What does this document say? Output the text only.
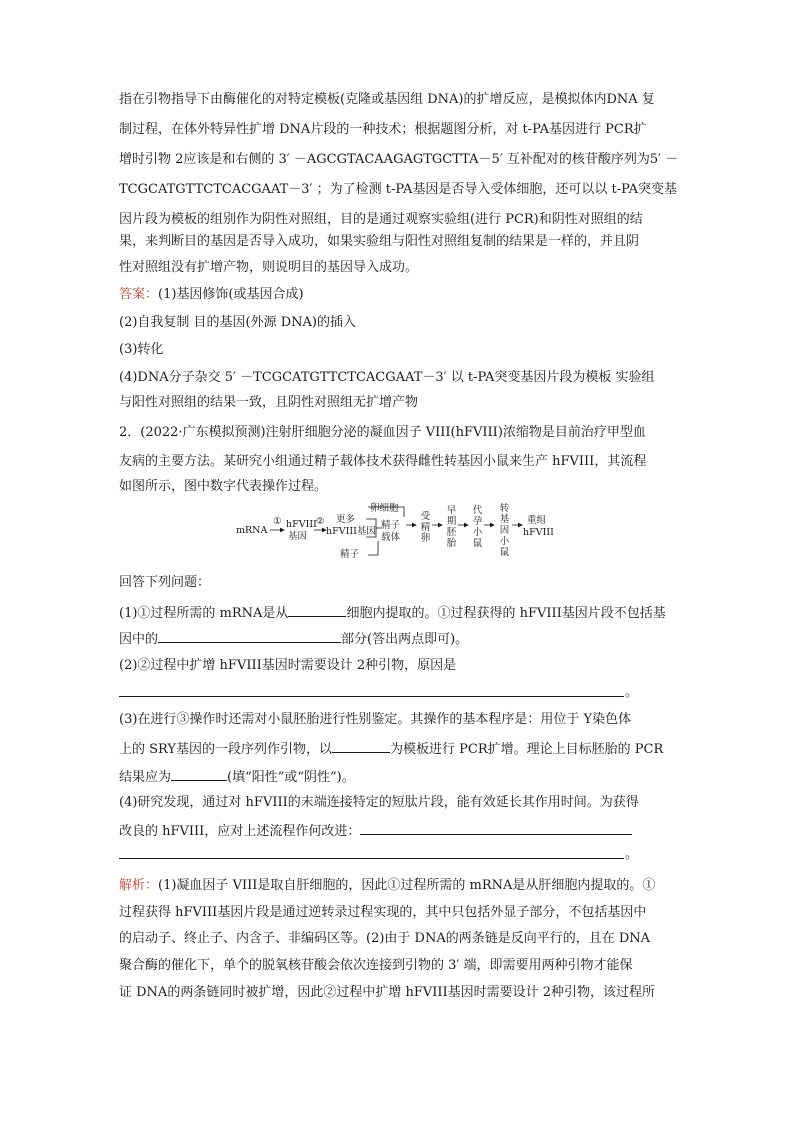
指在引物指导下由酶催化的对特定模板(克隆或基因组 DNA)的扩增反应，是模拟体内DNA 复
制过程，在体外特异性扩增 DNA片段的一种技术；根据题图分析，对 t-PA基因进行 PCR扩
增时引物 2应该是和右侧的 3′ －AGCGTACAAGAGTGCTTA－5′ 互补配对的核苷酸序列为5′ －
TCGCATGTTCTCACGAAT－3′ ；为了检测 t-PA基因是否导入受体细胞，还可以以 t-PA突变基
因片段为模板的组别作为阴性对照组，目的是通过观察实验组(进行 PCR)和阴性对照组的结
果，来判断目的基因是否导入成功，如果实验组与阳性对照组复制的结果是一样的，并且阴
性对照组没有扩增产物，则说明目的基因导入成功。
答案：(1)基因修饰(或基因合成)
(2)自我复制 目的基因(外源 DNA)的插入
(3)转化
(4)DNA分子杂交 5′ －TCGCATGTTCTCACGAAT－3′ 以 t-PA突变基因片段为模板 实验组
与阳性对照组的结果一致，且阴性对照组无扩增产物
2．(2022·广东模拟预测)注射肝细胞分泌的凝血因子 VIII(hFVIII)浓缩物是目前治疗甲型血
友病的主要方法。某研究小组通过精子载体技术获得雌性转基因小鼠来生产 hFVIII，其流程
如图所示，图中数字代表操作过程。
mRNA
① hFVIII
基因
② 更多
hFVIII基因
卵细胞
精子
载体
精子
受精卵
早期胚胎
代孕小鼠
转基因小鼠
重组
hFVIII
回答下列问题：
(1)①过程所需的 mRNA是从	细胞内提取的。①过程获得的 hFVIII基因片段不包括基
因中的	部分(答出两点即可)。
(2)②过程中扩增 hFVIII基因时需要设计 2种引物，原因是
。
(3)在进行③操作时还需对小鼠胚胎进行性别鉴定。其操作的基本程序是：用位于 Y染色体
上的 SRY基因的一段序列作引物，以	为模板进行 PCR扩增。理论上目标胚胎的 PCR
结果应为	(填“阳性”或“阴性”)。
(4)研究发现，通过对 hFVIII的末端连接特定的短肽片段，能有效延长其作用时间。为获得
改良的 hFVIII，应对上述流程作何改进：
。
解析：(1)凝血因子 VIII是取自肝细胞的，因此①过程所需的 mRNA是从肝细胞内提取的。①
过程获得 hFVIII基因片段是通过逆转录过程实现的，其中只包括外显子部分，不包括基因中
的启动子、终止子、内含子、非编码区等。(2)由于 DNA的两条链是反向平行的，且在 DNA
聚合酶的催化下，单个的脱氧核苷酸会依次连接到引物的 3′ 端，即需要用两种引物才能保
证 DNA的两条链同时被扩增，因此②过程中扩增 hFVIII基因时需要设计 2种引物，该过程所
